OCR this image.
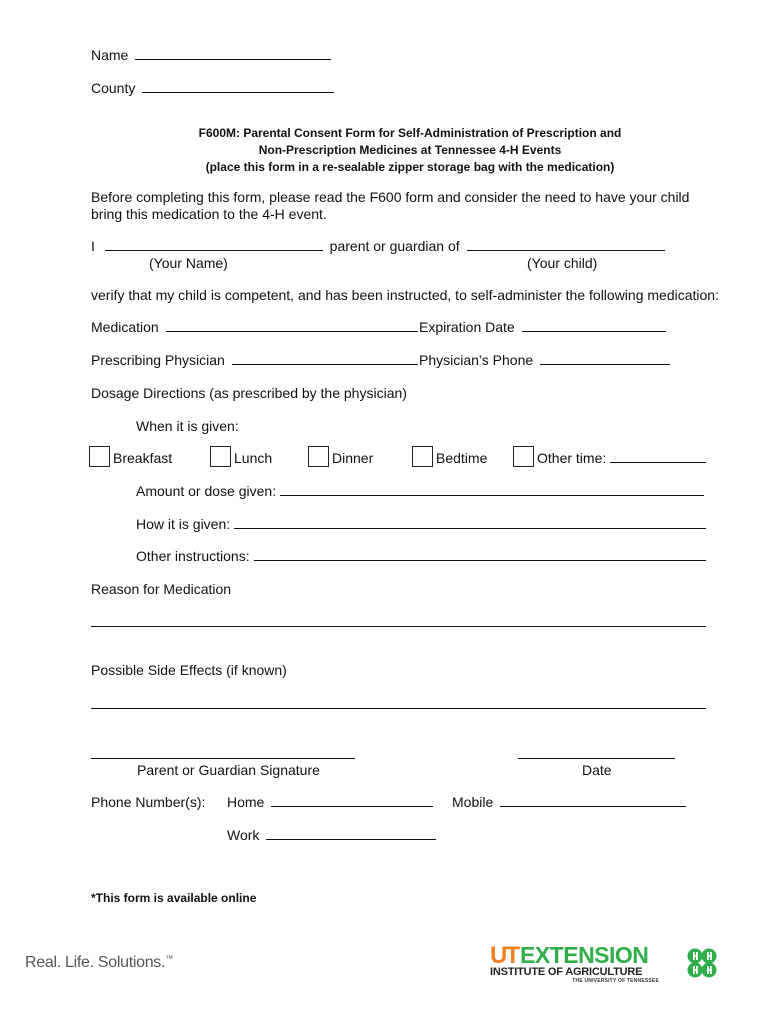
Name
County
F600M: Parental Consent Form for Self-Administration of Prescription and
Non-Prescription Medicines at Tennessee 4-H Events
(place this form in a re-sealable zipper storage bag with the medication)
Before completing this form, please read the F600 form and consider the need to have your child
bring this medication to the 4-H event.
I	parent or guardian of
(Your Name)	(Your child)
verify that my child is competent, and has been instructed, to self-administer the following medication:
Medication	Expiration Date
Prescribing Physician	Physician’s Phone
Dosage Directions (as prescribed by the physician)
When it is given:
Breakfast	Lunch	Dinner	Bedtime	Other time:
Amount or dose given:
How it is given:
Other instructions:
Reason for Medication
Possible Side Effects (if known)
Parent or Guardian Signature	Date
Phone Number(s): Home	Mobile
Work
*This form is available online
Real. Life. Solutions.™	UTEXTENSION
INSTITUTE OF AGRICULTURE
THE UNIVERSITY OF TENNESSEE
